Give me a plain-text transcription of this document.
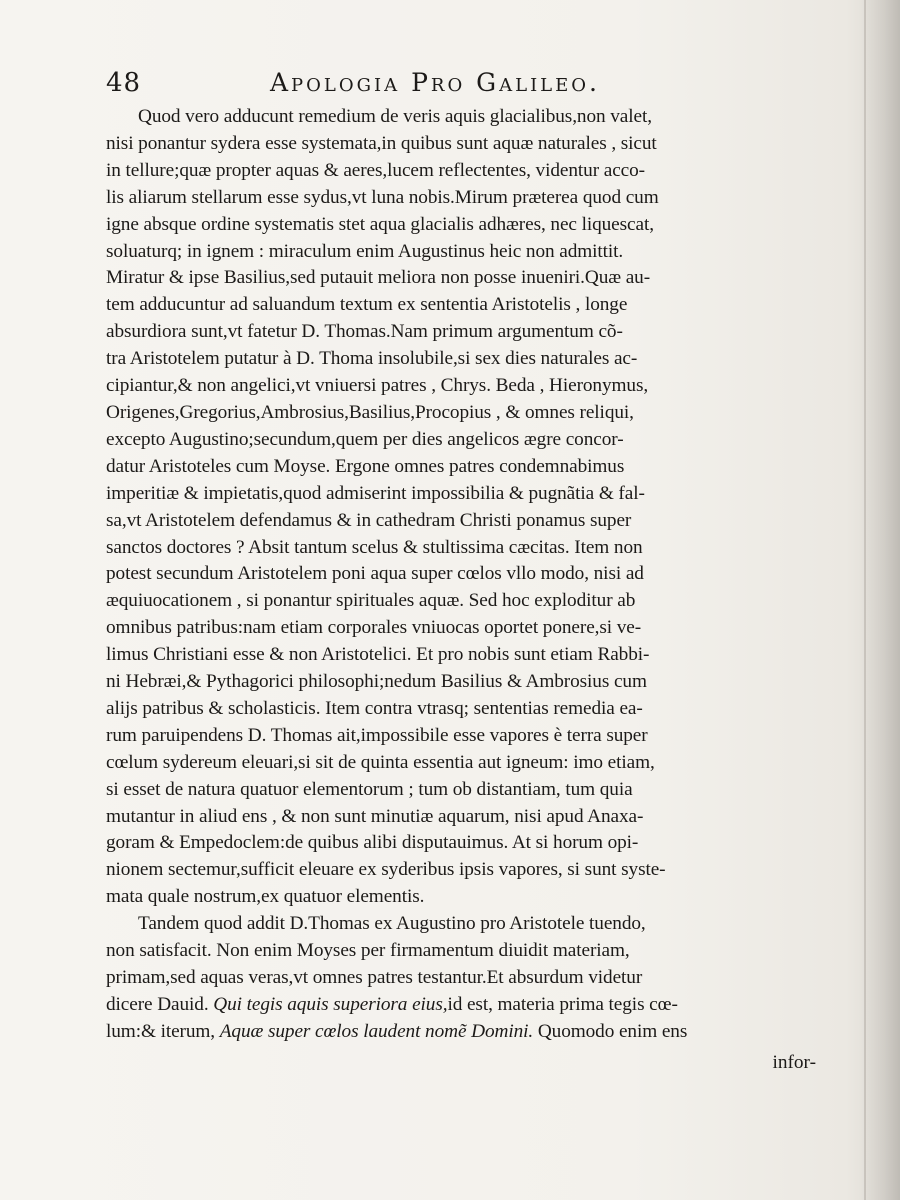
48	Apologia Pro Galileo.
Quod vero adducunt remedium de veris aquis glacialibus,non valet,
nisi ponantur sydera esse systemata,in quibus sunt aquæ naturales , sicut
in tellure;quæ propter aquas & aeres,lucem reflectentes, videntur acco-
lis aliarum stellarum esse sydus,vt luna nobis.Mirum præterea quod cum
igne absque ordine systematis stet aqua glacialis adhæres, nec liquescat,
soluaturq; in ignem : miraculum enim Augustinus heic non admittit.
Miratur & ipse Basilius,sed putauit meliora non posse inueniri.Quæ au-
tem adducuntur ad saluandum textum ex sententia Aristotelis , longe
absurdiora sunt,vt fatetur D. Thomas.Nam primum argumentum cõ-
tra Aristotelem putatur à D. Thoma insolubile,si sex dies naturales ac-
cipiantur,& non angelici,vt vniuersi patres , Chrys. Beda , Hieronymus,
Origenes,Gregorius,Ambrosius,Basilius,Procopius , & omnes reliqui,
excepto Augustino;secundum,quem per dies angelicos ægre concor-
datur Aristoteles cum Moyse. Ergone omnes patres condemnabimus
imperitiæ & impietatis,quod admiserint impossibilia & pugnãtia & fal-
sa,vt Aristotelem defendamus & in cathedram Christi ponamus super
sanctos doctores ? Absit tantum scelus & stultissima cæcitas. Item non
potest secundum Aristotelem poni aqua super cœlos vllo modo, nisi ad
æquiuocationem , si ponantur spirituales aquæ. Sed hoc exploditur ab
omnibus patribus:nam etiam corporales vniuocas oportet ponere,si ve-
limus Christiani esse & non Aristotelici. Et pro nobis sunt etiam Rabbi-
ni Hebræi,& Pythagorici philosophi;nedum Basilius & Ambrosius cum
alijs patribus & scholasticis. Item contra vtrasq; sententias remedia ea-
rum paruipendens D. Thomas ait,impossibile esse vapores è terra super
cœlum sydereum eleuari,si sit de quinta essentia aut igneum: imo etiam,
si esset de natura quatuor elementorum ; tum ob distantiam, tum quia
mutantur in aliud ens , & non sunt minutiæ aquarum, nisi apud Anaxa-
goram & Empedoclem:de quibus alibi disputauimus. At si horum opi-
nionem sectemur,sufficit eleuare ex syderibus ipsis vapores, si sunt syste-
mata quale nostrum,ex quatuor elementis.
Tandem quod addit D.Thomas ex Augustino pro Aristotele tuendo,
non satisfacit. Non enim Moyses per firmamentum diuidit materiam,
primam,sed aquas veras,vt omnes patres testantur.Et absurdum videtur
dicere Dauid. Qui tegis aquis superiora eius,id est, materia prima tegis cœ-
lum:& iterum, Aquæ super cœlos laudent nomẽ Domini. Quomodo enim ens
infor-
